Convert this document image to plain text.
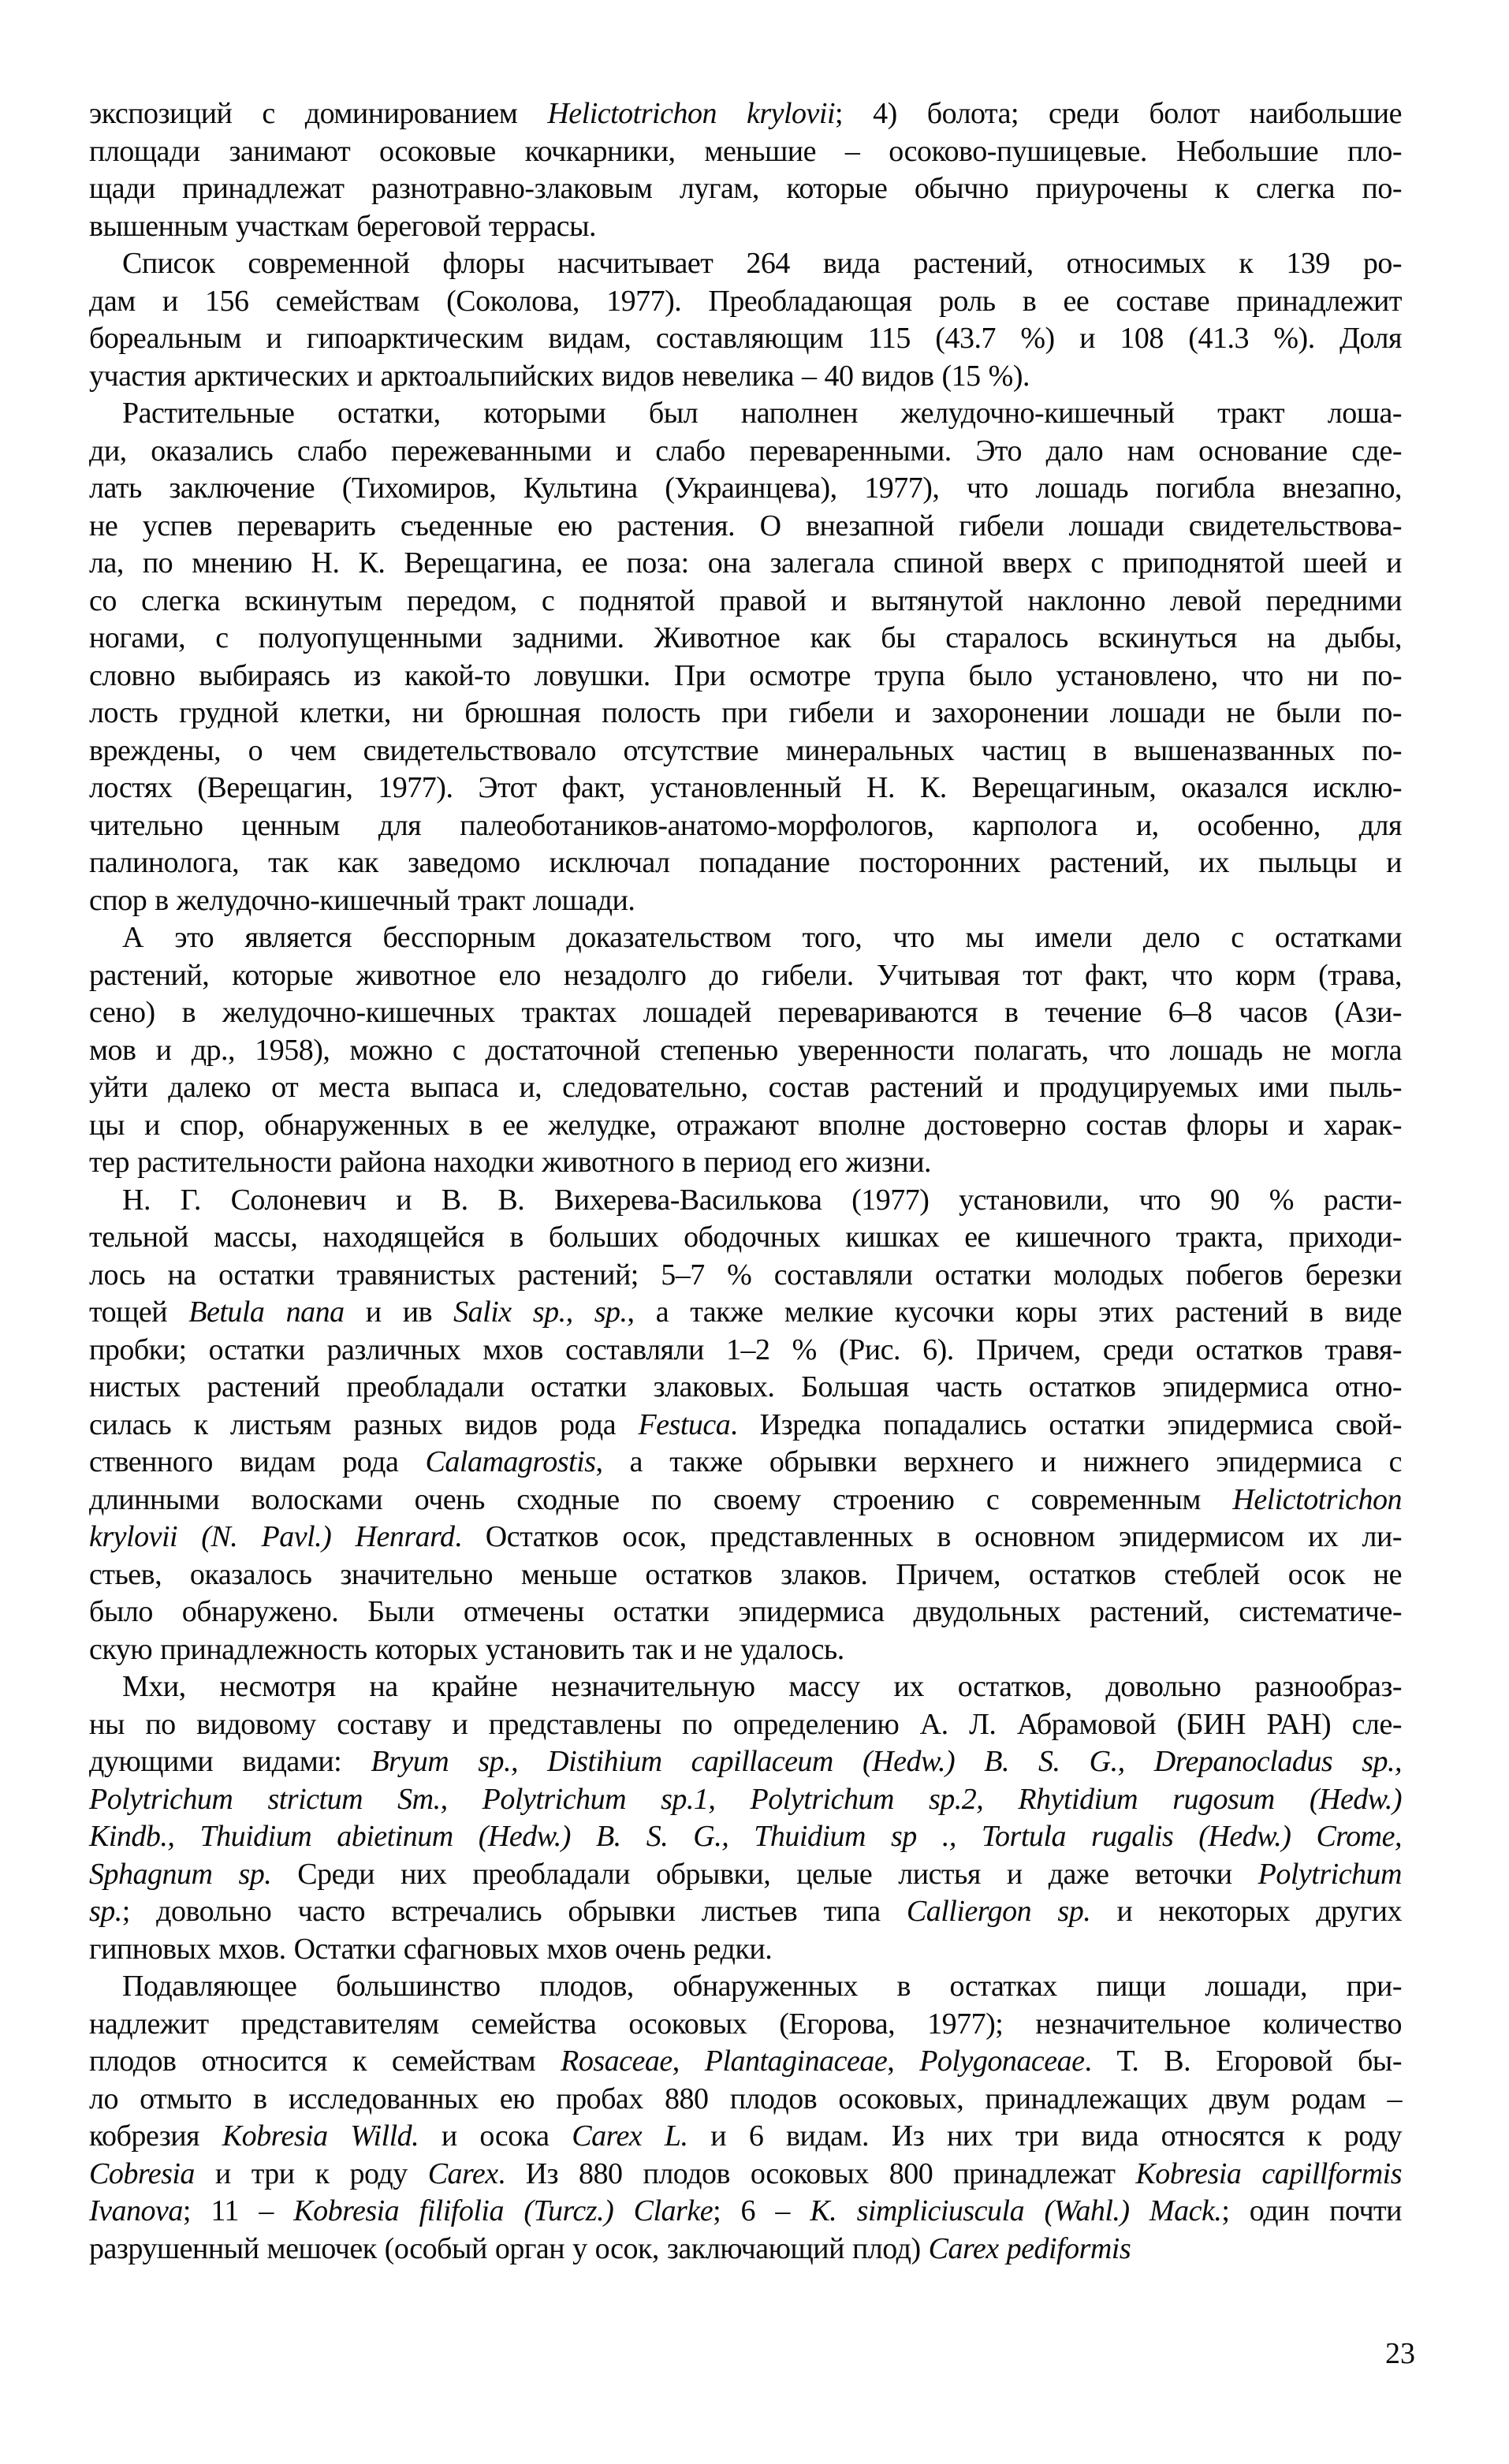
экспозиций с доминированием Helictotrichon krylovii; 4) болота; среди болот наибольшие
площади занимают осоковые кочкарники, меньшие – осоково-пушицевые. Небольшие пло-
щади принадлежат разнотравно-злаковым лугам, которые обычно приурочены к слегка по-
вышенным участкам береговой террасы.
Список современной флоры насчитывает 264 вида растений, относимых к 139 ро-
дам и 156 семействам (Соколова, 1977). Преобладающая роль в ее составе принадлежит
бореальным и гипоарктическим видам, составляющим 115 (43.7 %) и 108 (41.3 %). Доля
участия арктических и арктоальпийских видов невелика – 40 видов (15 %).
Растительные остатки, которыми был наполнен желудочно-кишечный тракт лоша-
ди, оказались слабо пережеванными и слабо переваренными. Это дало нам основание сде-
лать заключение (Тихомиров, Культина (Украинцева), 1977), что лошадь погибла внезапно,
не успев переварить съеденные ею растения. О внезапной гибели лошади свидетельствова-
ла, по мнению Н. К. Верещагина, ее поза: она залегала спиной вверх с приподнятой шеей и
со слегка вскинутым передом, с поднятой правой и вытянутой наклонно левой передними
ногами, с полуопущенными задними. Животное как бы старалось вскинуться на дыбы,
словно выбираясь из какой-то ловушки. При осмотре трупа было установлено, что ни по-
лость грудной клетки, ни брюшная полость при гибели и захоронении лошади не были по-
вреждены, о чем свидетельствовало отсутствие минеральных частиц в вышеназванных по-
лостях (Верещагин, 1977). Этот факт, установленный Н. К. Верещагиным, оказался исклю-
чительно ценным для палеоботаников-анатомо-морфологов, карполога и, особенно, для
палинолога, так как заведомо исключал попадание посторонних растений, их пыльцы и
спор в желудочно-кишечный тракт лошади.
А это является бесспорным доказательством того, что мы имели дело с остатками
растений, которые животное ело незадолго до гибели. Учитывая тот факт, что корм (трава,
сено) в желудочно-кишечных трактах лошадей перевариваются в течение 6–8 часов (Ази-
мов и др., 1958), можно с достаточной степенью уверенности полагать, что лошадь не могла
уйти далеко от места выпаса и, следовательно, состав растений и продуцируемых ими пыль-
цы и спор, обнаруженных в ее желудке, отражают вполне достоверно состав флоры и харак-
тер растительности района находки животного в период его жизни.
Н. Г. Солоневич и В. В. Вихерева-Василькова (1977) установили, что 90 % расти-
тельной массы, находящейся в больших ободочных кишках ее кишечного тракта, приходи-
лось на остатки травянистых растений; 5–7 % составляли остатки молодых побегов березки
тощей Betula nana и ив Salix sp., sp., а также мелкие кусочки коры этих растений в виде
пробки; остатки различных мхов составляли 1–2 % (Рис. 6). Причем, среди остатков травя-
нистых растений преобладали остатки злаковых. Большая часть остатков эпидермиса отно-
силась к листьям разных видов рода Festuca. Изредка попадались остатки эпидермиса свой-
ственного видам рода Calamagrostis, а также обрывки верхнего и нижнего эпидермиса с
длинными волосками очень сходные по своему строению с современным Helictotrichon
krylovii (N. Pavl.) Henrard. Остатков осок, представленных в основном эпидермисом их ли-
стьев, оказалось значительно меньше остатков злаков. Причем, остатков стеблей осок не
было обнаружено. Были отмечены остатки эпидермиса двудольных растений, систематиче-
скую принадлежность которых установить так и не удалось.
Мхи, несмотря на крайне незначительную массу их остатков, довольно разнообраз-
ны по видовому составу и представлены по определению А. Л. Абрамовой (БИН РАН) сле-
дующими видами: Bryum sp., Distihium capillaceum (Hedw.) B. S. G., Drepanocladus sp.,
Polytrichum strictum Sm., Polytrichum sp.1, Polytrichum sp.2, Rhytidium rugosum (Hedw.)
Kindb., Thuidium abietinum (Hedw.) B. S. G., Thuidium sp ., Tortula rugalis (Hedw.) Crome,
Sphagnum sp. Среди них преобладали обрывки, целые листья и даже веточки Polytrichum
sp.; довольно часто встречались обрывки листьев типа Calliergon sp. и некоторых других
гипновых мхов. Остатки сфагновых мхов очень редки.
Подавляющее большинство плодов, обнаруженных в остатках пищи лошади, при-
надлежит представителям семейства осоковых (Егорова, 1977); незначительное количество
плодов относится к семействам Rosaceae, Plantaginaceae, Polygonaceae. Т. В. Егоровой бы-
ло отмыто в исследованных ею пробах 880 плодов осоковых, принадлежащих двум родам –
кобрезия Kobresia Willd. и осока Carex L. и 6 видам. Из них три вида относятся к роду
Cobresia и три к роду Carex. Из 880 плодов осоковых 800 принадлежат Kobresia capillformis
Ivanova; 11 – Kobresia filifolia (Turcz.) Clarke; 6 – K. simpliciuscula (Wahl.) Mack.; один почти
разрушенный мешочек (особый орган у осок, заключающий плод) Carex pediformis
23
